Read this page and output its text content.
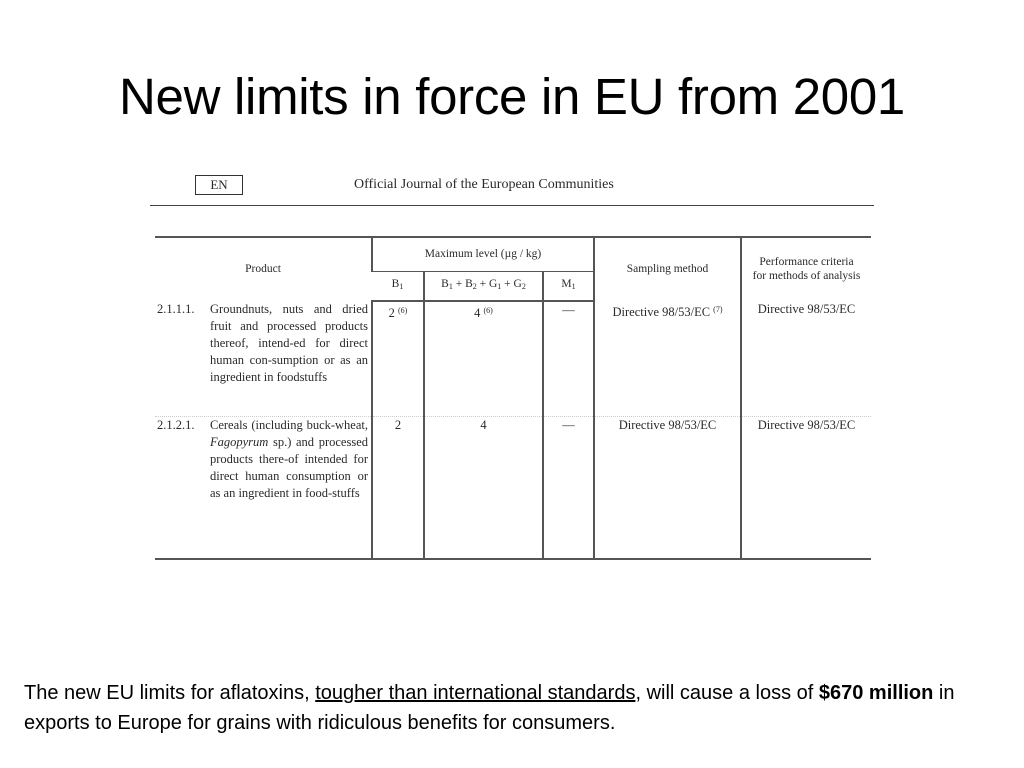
New limits in force in EU from 2001
EN	Official Journal of the European Communities
Product	Maximum level (µg / kg)			Sampling method	Performance criteria for methods of analysis
	$B_1$	$B_1 + B_2 + G_1 + G_2$	$M_1$

2.1.1.1. Groundnuts, nuts and dried fruit and processed products thereof, intend-ed for direct human con-sumption or as an ingredient in foodstuffs	2 $^{(6)}$	4 $^{(6)}$	—	Directive 98/53/EC $^{(7)}$	Directive 98/53/EC

2.1.2.1. Cereals (including buck-wheat, Fagopyrum sp.) and processed products there-of intended for direct human consumption or as an ingredient in food-stuffs	2	4	—	Directive 98/53/EC	Directive 98/53/EC

The new EU limits for aflatoxins, tougher than international standards, will cause a loss of $670 million in exports to Europe for grains with ridiculous benefits for consumers.
